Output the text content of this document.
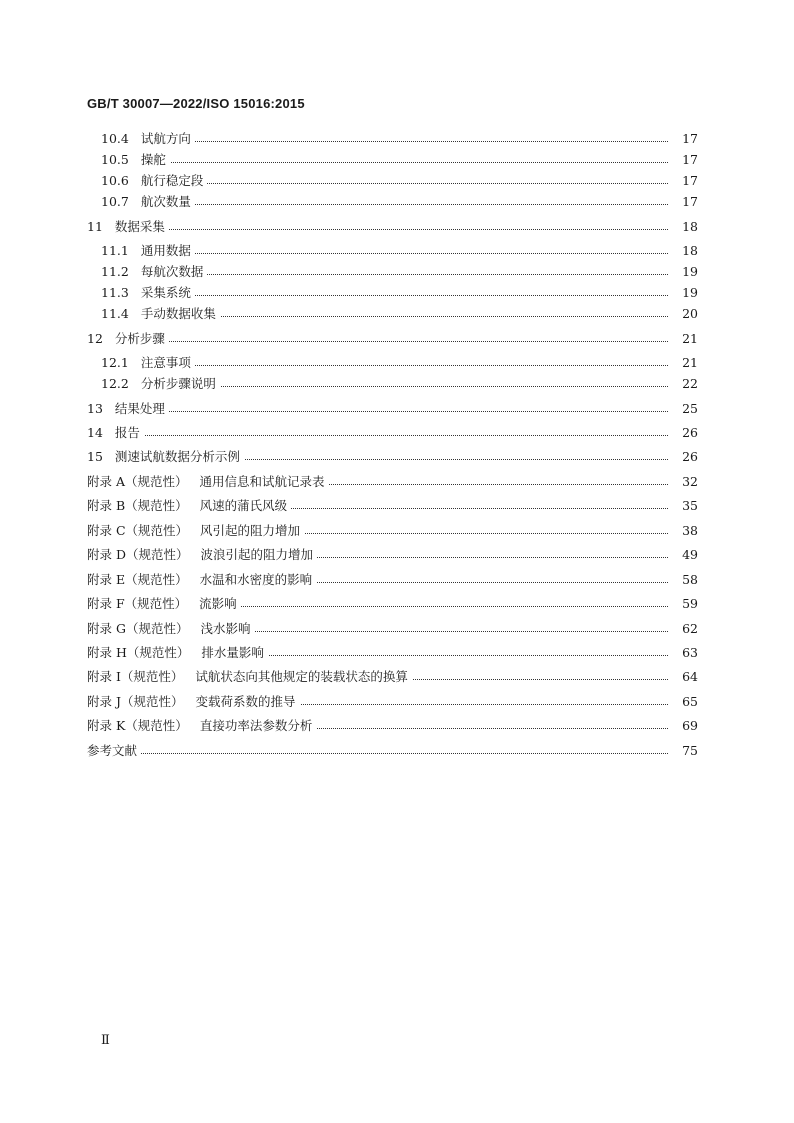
GB/T 30007—2022/ISO 15016:2015
10.4 试航方向	17
10.5 操舵	17
10.6 航行稳定段	17
10.7 航次数量	17
11 数据采集	18
11.1 通用数据	18
11.2 每航次数据	19
11.3 采集系统	19
11.4 手动数据收集	20
12 分析步骤	21
12.1 注意事项	21
12.2 分析步骤说明	22
13 结果处理	25
14 报告	26
15 测速试航数据分析示例	26
附录 A（规范性） 通用信息和试航记录表	32
附录 B（规范性） 风速的蒲氏风级	35
附录 C（规范性） 风引起的阻力增加	38
附录 D（规范性） 波浪引起的阻力增加	49
附录 E（规范性） 水温和水密度的影响	58
附录 F（规范性） 流影响	59
附录 G（规范性） 浅水影响	62
附录 H（规范性） 排水量影响	63
附录 I（规范性） 试航状态向其他规定的装载状态的换算	64
附录 J（规范性） 变载荷系数的推导	65
附录 K（规范性） 直接功率法参数分析	69
参考文献	75
Ⅱ
